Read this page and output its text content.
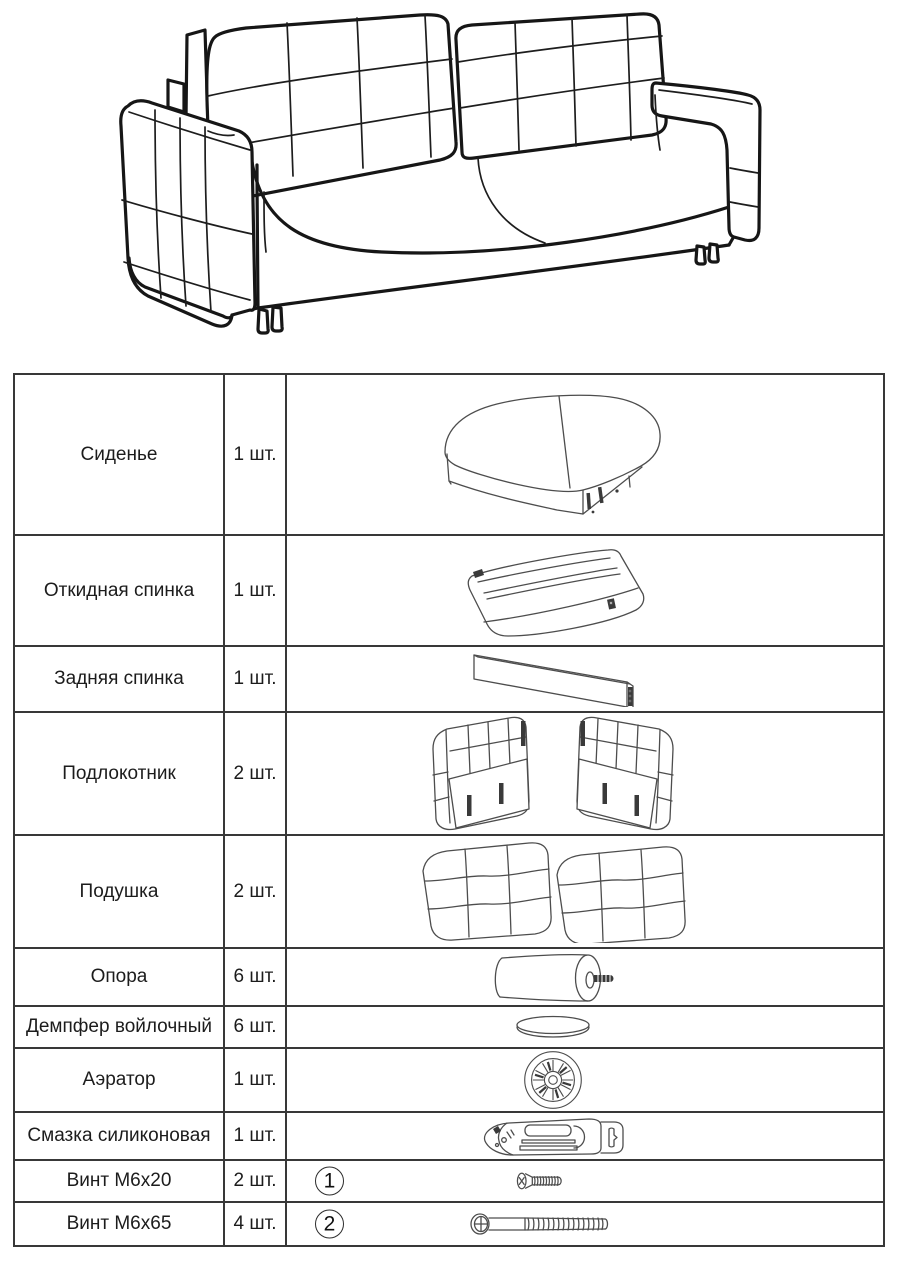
Сиденье	1 шт.
Откидная спинка 1 шт.
Задняя спинка	1 шт.
Подлокотник	2 шт.
Подушка	2 шт.
Опора	6 шт.
Демпфер войлочный 6 шт.
Аэратор	1 шт.
Смазка силиконовая 1 шт.
Винт М6х20	2 шт. 1
Винт М6х65	4 шт. 2
